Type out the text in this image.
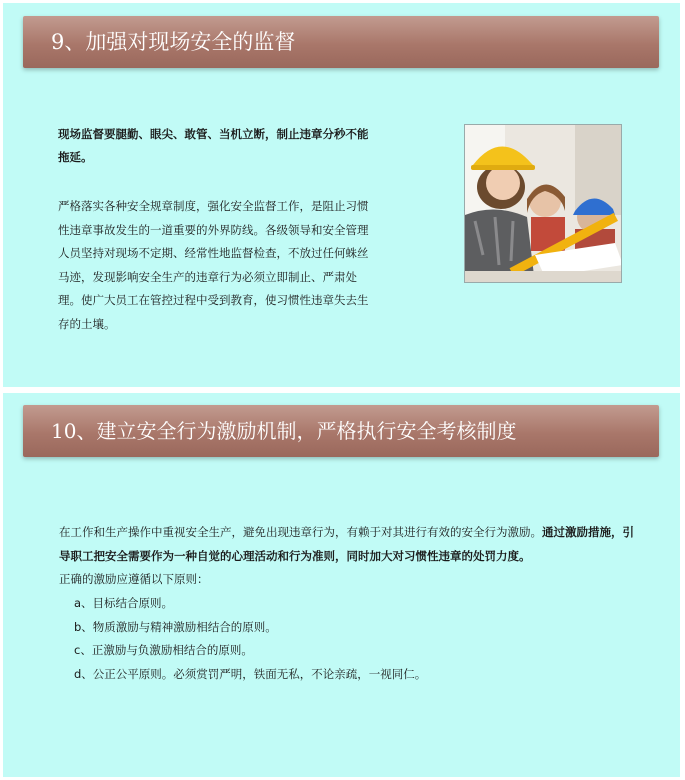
9、加强对现场安全的监督
现场监督要腿勤、眼尖、敢管、当机立断，制止违章分秒不能拖延。
严格落实各种安全规章制度，强化安全监督工作，是阻止习惯性违章事故发生的一道重要的外界防线。各级领导和安全管理人员坚持对现场不定期、经常性地监督检查，不放过任何蛛丝马迹，发现影响安全生产的违章行为必须立即制止、严肃处理。使广大员工在管控过程中受到教育，使习惯性违章失去生存的土壤。
10、建立安全行为激励机制，严格执行安全考核制度
在工作和生产操作中重视安全生产，避免出现违章行为，有赖于对其进行有效的安全行为激励。通过激励措施，引导职工把安全需要作为一种自觉的心理活动和行为准则，同时加大对习惯性违章的处罚力度。
正确的激励应遵循以下原则：
a、目标结合原则。
b、物质激励与精神激励相结合的原则。
c、正激励与负激励相结合的原则。
d、公正公平原则。必须赏罚严明，铁面无私，不论亲疏，一视同仁。
